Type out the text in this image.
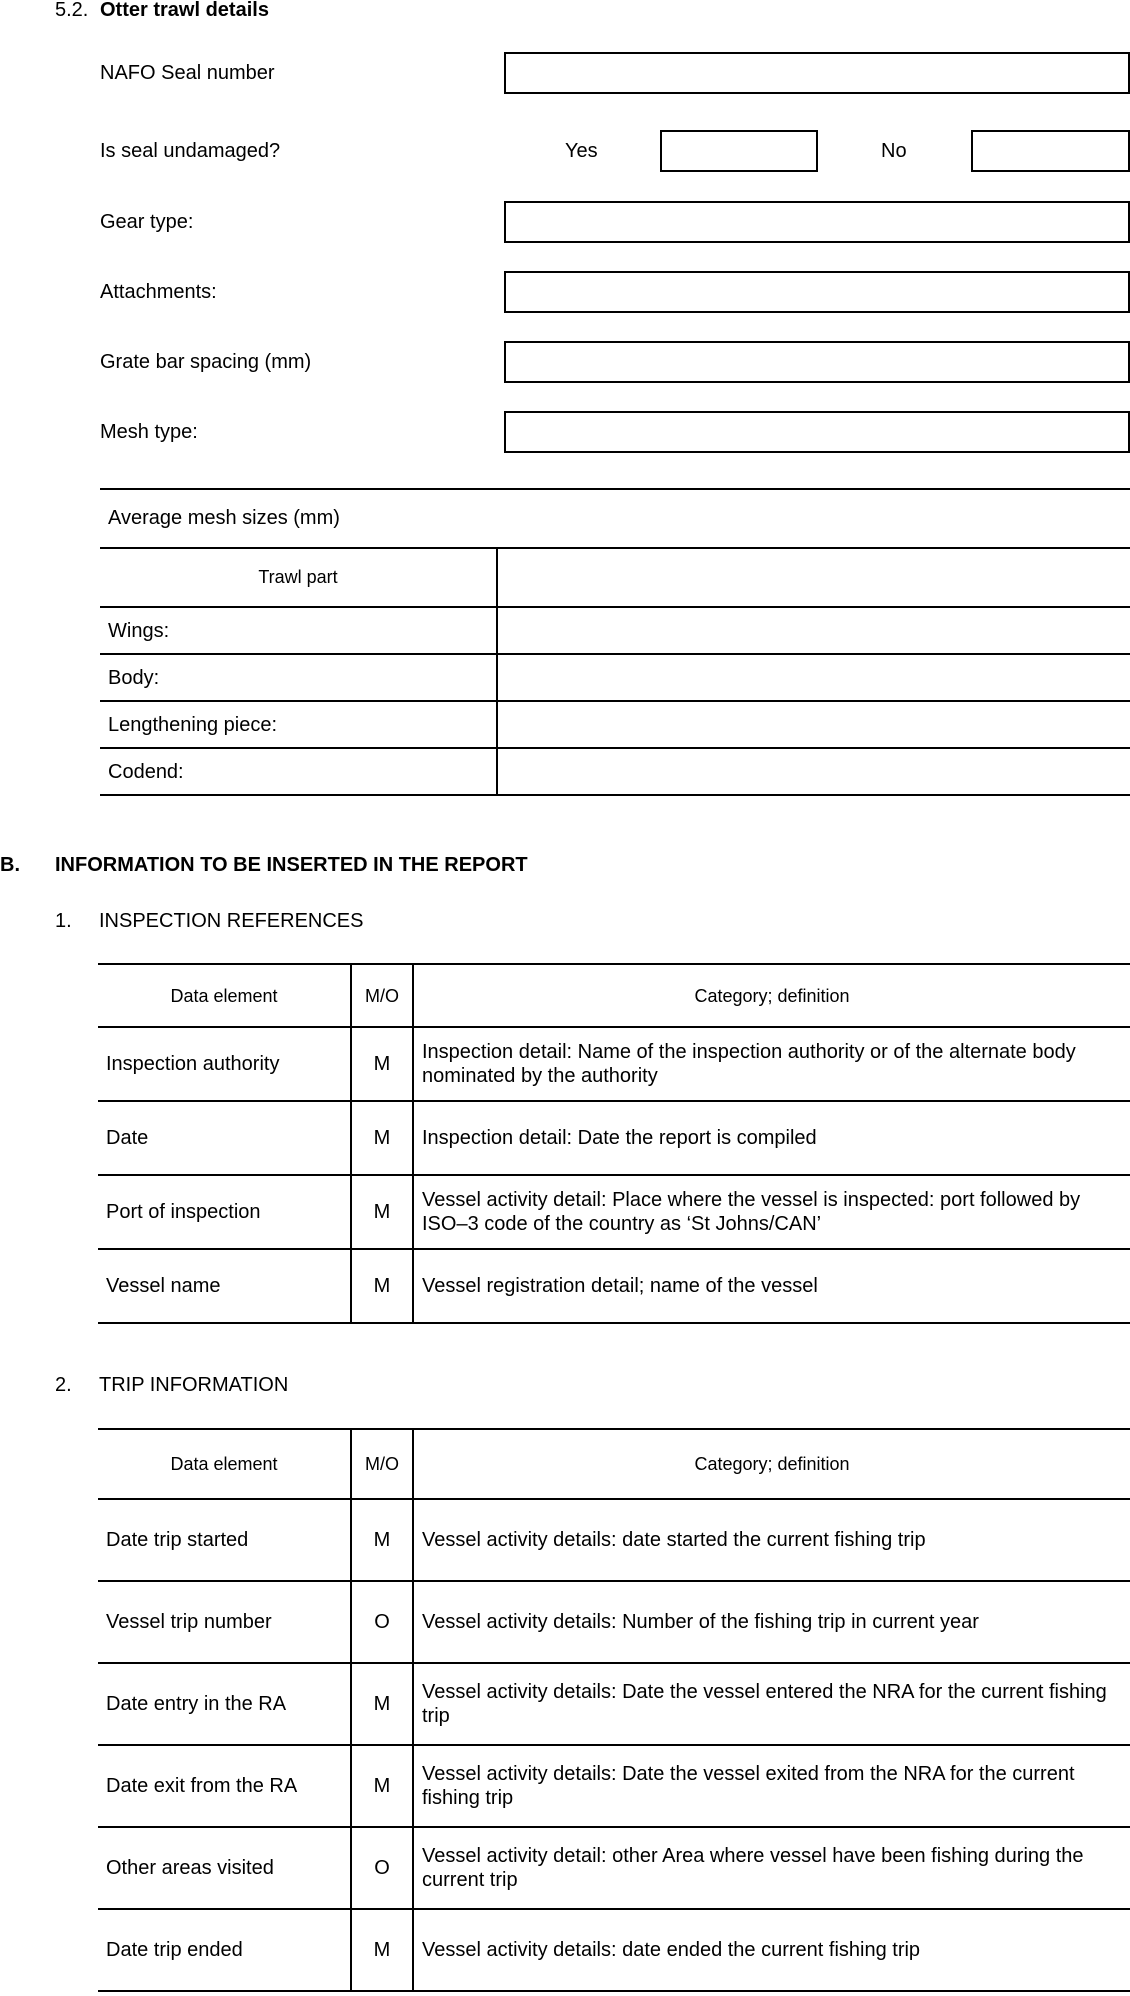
5.2. Otter trawl details
NAFO Seal number
Is seal undamaged?	Yes	No
Gear type:
Attachments:
Grate bar spacing (mm)
Mesh type:
Average mesh sizes (mm)
Trawl part
Wings:
Body:
Lengthening piece:
Codend:
B. INFORMATION TO BE INSERTED IN THE REPORT
1. INSPECTION REFERENCES
Data element	M/O	Category; definition
Inspection authority	M	Inspection detail: Name of the inspection authority or of the alternate body nominated by the authority
Date	M	Inspection detail: Date the report is compiled
Port of inspection	M	Vessel activity detail: Place where the vessel is inspected: port followed by ISO–3 code of the country as ‘St Johns/CAN’
Vessel name	M	Vessel registration detail; name of the vessel
2. TRIP INFORMATION
Data element	M/O	Category; definition
Date trip started	M	Vessel activity details: date started the current fishing trip
Vessel trip number	O	Vessel activity details: Number of the fishing trip in current year
Date entry in the RA	M	Vessel activity details: Date the vessel entered the NRA for the current fishing trip
Date exit from the RA	M	Vessel activity details: Date the vessel exited from the NRA for the current fishing trip
Other areas visited	O	Vessel activity detail: other Area where vessel have been fishing during the current trip
Date trip ended	M	Vessel activity details: date ended the current fishing trip
